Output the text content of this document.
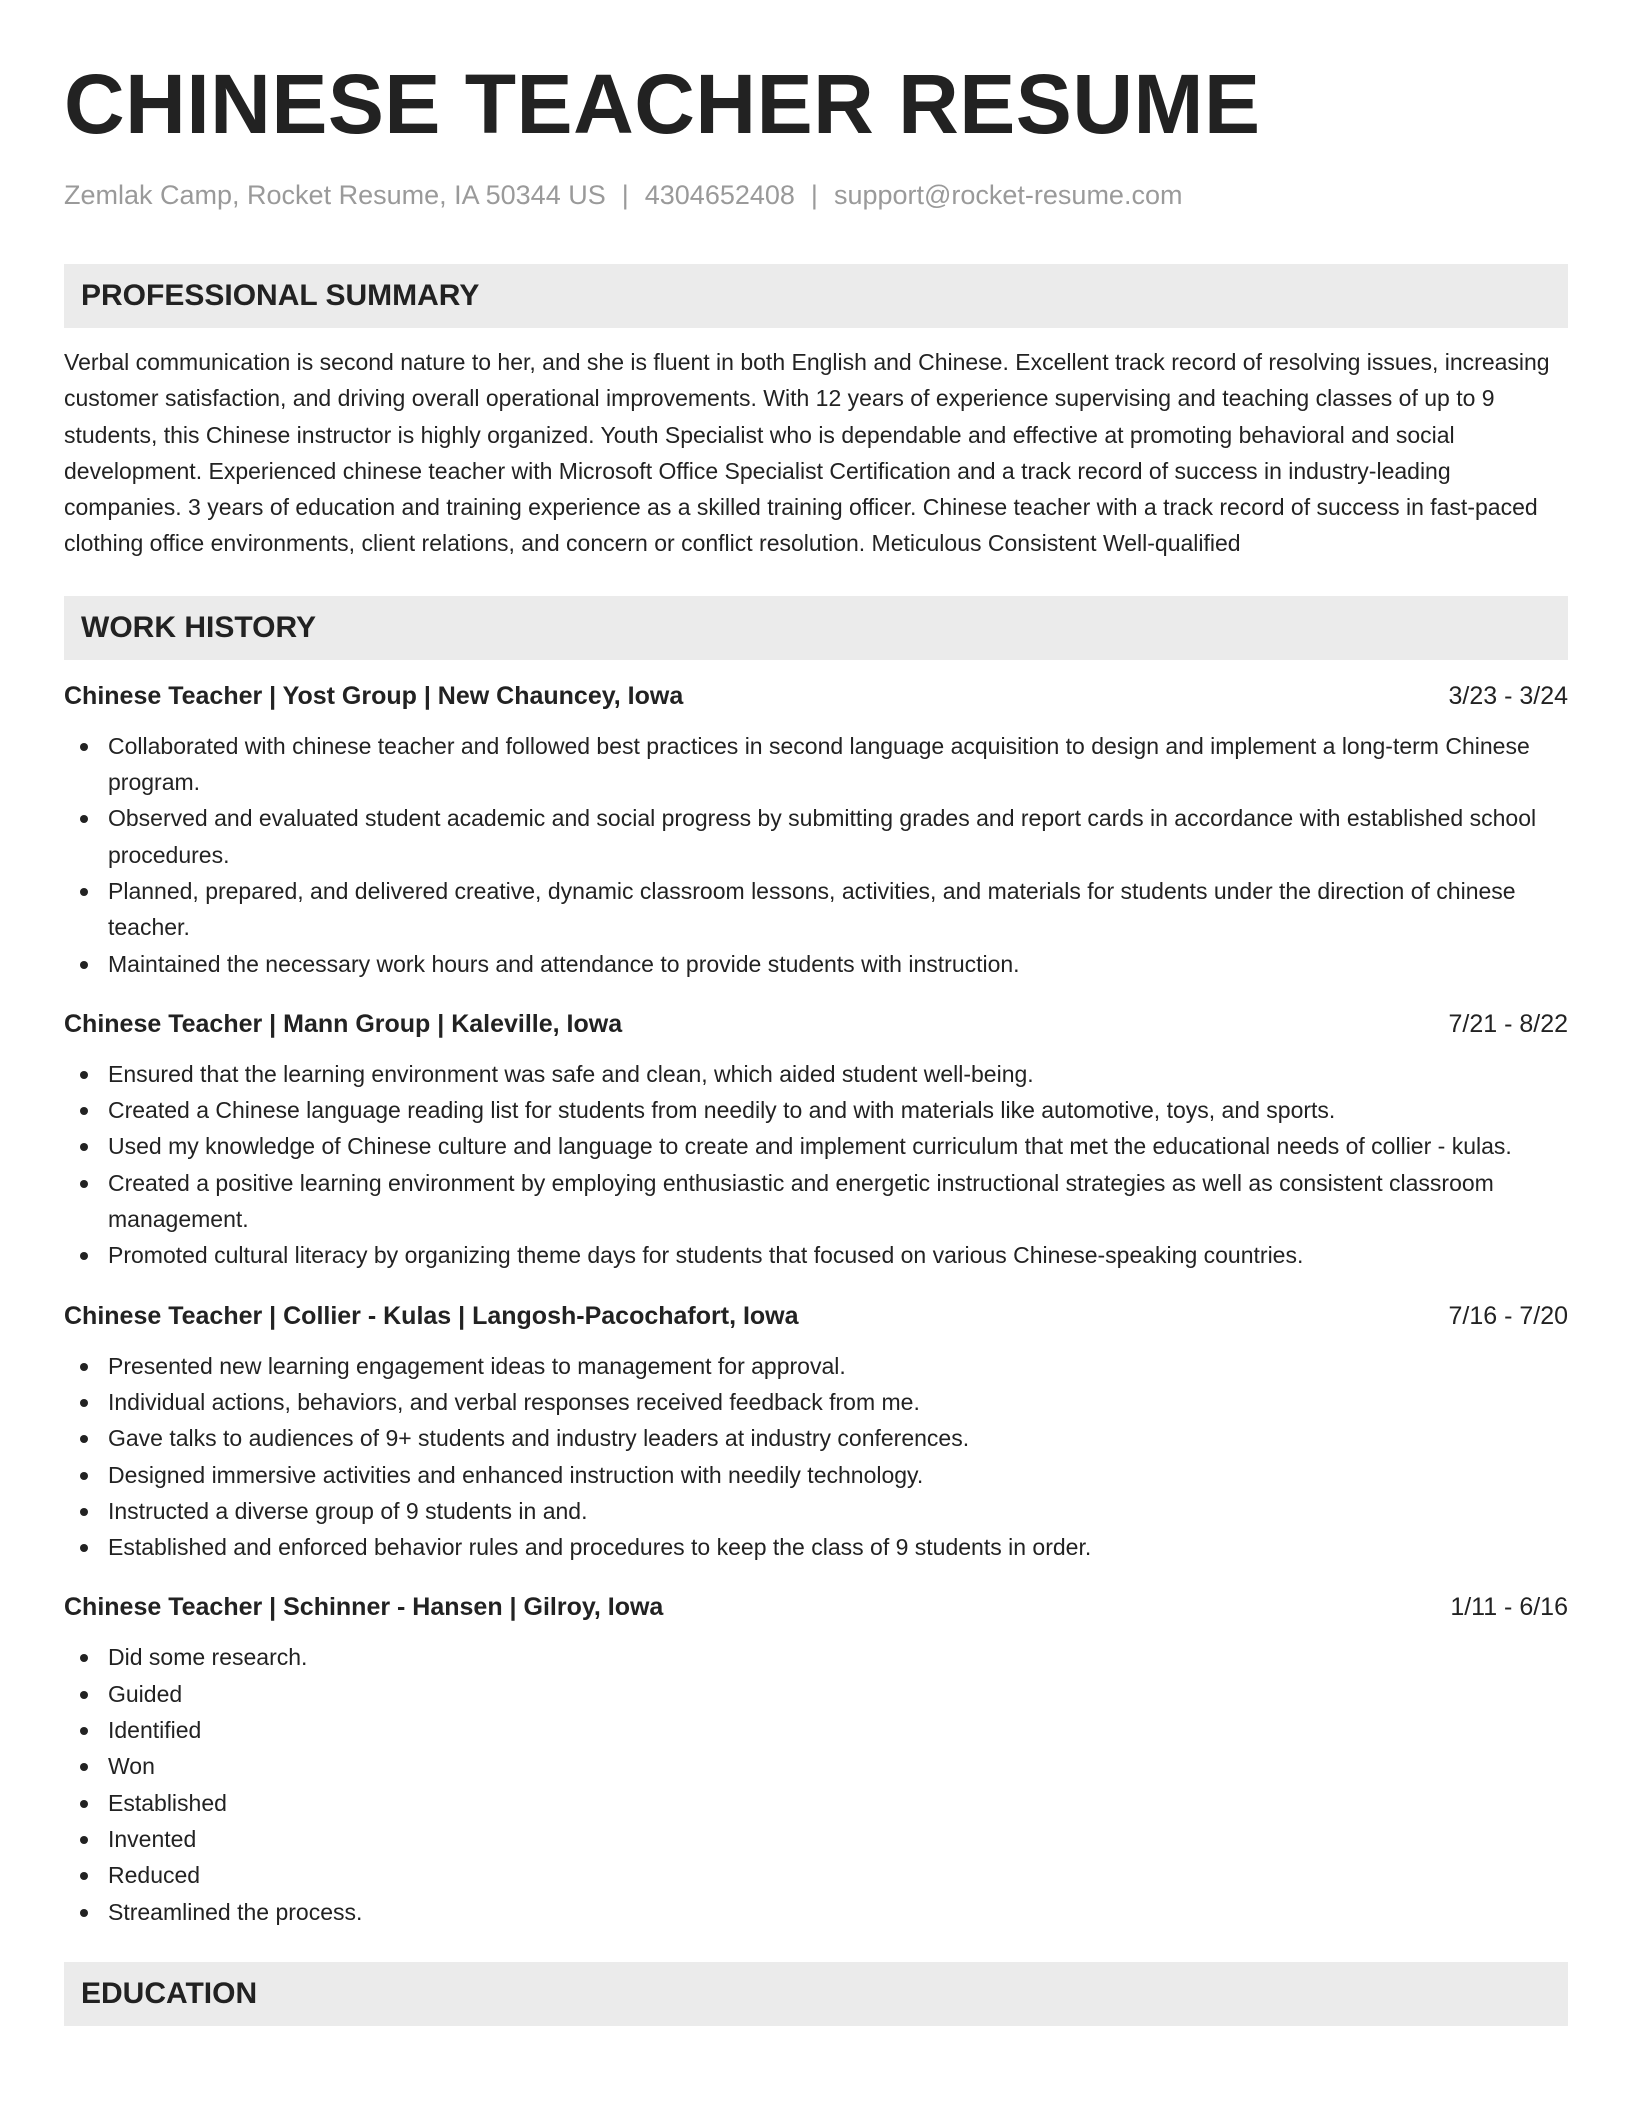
CHINESE TEACHER RESUME
Zemlak Camp, Rocket Resume, IA 50344 US | 4304652408 | support@rocket-resume.com
PROFESSIONAL SUMMARY
Verbal communication is second nature to her, and she is fluent in both English and Chinese. Excellent track record of resolving issues, increasing customer satisfaction, and driving overall operational improvements. With 12 years of experience supervising and teaching classes of up to 9 students, this Chinese instructor is highly organized. Youth Specialist who is dependable and effective at promoting behavioral and social development. Experienced chinese teacher with Microsoft Office Specialist Certification and a track record of success in industry-leading companies. 3 years of education and training experience as a skilled training officer. Chinese teacher with a track record of success in fast-paced clothing office environments, client relations, and concern or conflict resolution. Meticulous Consistent Well-qualified
WORK HISTORY
Chinese Teacher | Yost Group | New Chauncey, Iowa	3/23 - 3/24
Collaborated with chinese teacher and followed best practices in second language acquisition to design and implement a long-term Chinese program.
Observed and evaluated student academic and social progress by submitting grades and report cards in accordance with established school procedures.
Planned, prepared, and delivered creative, dynamic classroom lessons, activities, and materials for students under the direction of chinese teacher.
Maintained the necessary work hours and attendance to provide students with instruction.
Chinese Teacher | Mann Group | Kaleville, Iowa	7/21 - 8/22
Ensured that the learning environment was safe and clean, which aided student well-being.
Created a Chinese language reading list for students from needily to and with materials like automotive, toys, and sports.
Used my knowledge of Chinese culture and language to create and implement curriculum that met the educational needs of collier - kulas.
Created a positive learning environment by employing enthusiastic and energetic instructional strategies as well as consistent classroom management.
Promoted cultural literacy by organizing theme days for students that focused on various Chinese-speaking countries.
Chinese Teacher | Collier - Kulas | Langosh-Pacochafort, Iowa	7/16 - 7/20
Presented new learning engagement ideas to management for approval.
Individual actions, behaviors, and verbal responses received feedback from me.
Gave talks to audiences of 9+ students and industry leaders at industry conferences.
Designed immersive activities and enhanced instruction with needily technology.
Instructed a diverse group of 9 students in and.
Established and enforced behavior rules and procedures to keep the class of 9 students in order.
Chinese Teacher | Schinner - Hansen | Gilroy, Iowa	1/11 - 6/16
Did some research.
Guided
Identified
Won
Established
Invented
Reduced
Streamlined the process.
EDUCATION
